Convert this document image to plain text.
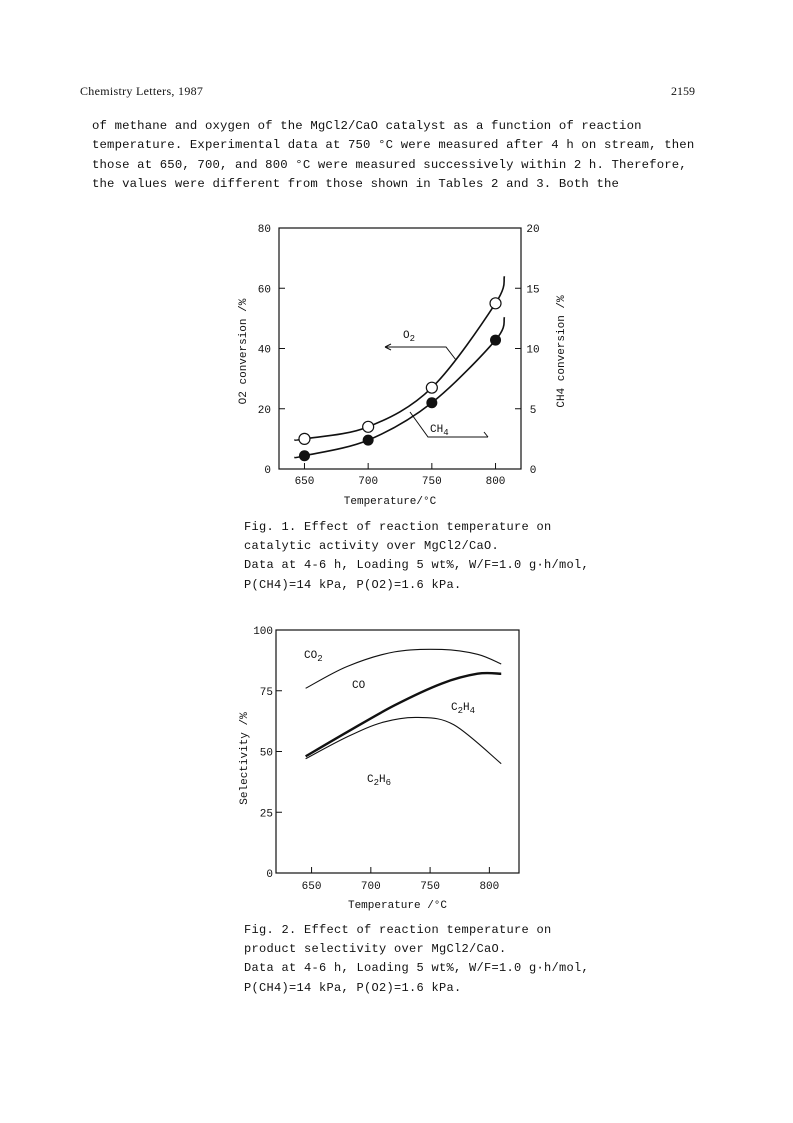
Chemistry Letters, 1987	2159

of methane and oxygen of the MgCl2/CaO catalyst as a function of reaction

temperature. Experimental data at 750 °C were measured after 4 h on stream, then

those at 650, 700, and 800 °C were measured successively within 2 h. Therefore,

the values were different from those shown in Tables 2 and 3. Both the

0
20
40
60
80
0
5
10
15
20
650	700	750	800
Temperature/°C
O2 conversion /%	CH4 conversion /%
$O_2$
$CH_4$
Fig. 1. Effect of reaction temperature on
catalytic activity over MgCl2/CaO.
Data at 4-6 h, Loading 5 wt%, W/F=1.0 g·h/mol,
P(CH4)=14 kPa, P(O2)=1.6 kPa.
0
25
50
75
100
650	700	750	800
Temperature /°C
Selectivity /%
$CO_2$
CO
$C_2H_4$
$C_2H_6$
Fig. 2. Effect of reaction temperature on
product selectivity over MgCl2/CaO.
Data at 4-6 h, Loading 5 wt%, W/F=1.0 g·h/mol,
P(CH4)=14 kPa, P(O2)=1.6 kPa.
